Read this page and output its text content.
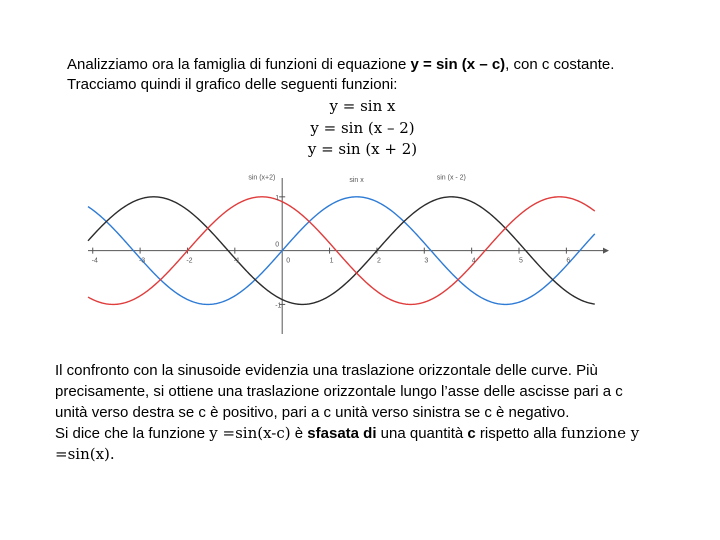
Analizziamo ora la famiglia di funzioni di equazione y = sin (x – c), con c costante.
Tracciamo quindi il grafico delle seguenti funzioni:
y = sin x
y = sin (x – 2)
y = sin (x + 2)
-4	-3	-2	-1	1	2	3	4	5	6
0
1
0
-1
sin x	sin (x - 2)
sin (x+2)
Il confronto con la sinusoide evidenzia una traslazione orizzontale delle curve. Più
precisamente, si ottiene una traslazione orizzontale lungo l’asse delle ascisse pari a c
unità verso destra se c è positivo, pari a c unità verso sinistra se c è negativo.
Si dice che la funzione y =sin(x-c) è sfasata di una quantità c rispetto alla funzione y
=sin(x).
